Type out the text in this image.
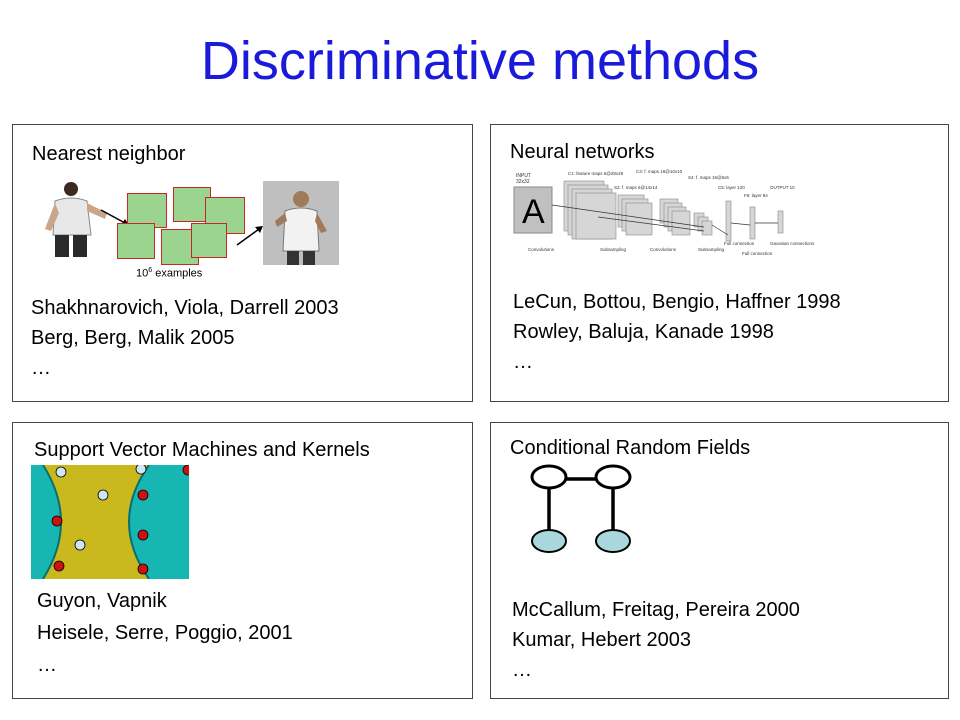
Discriminative methods
Nearest neighbor
$10^6$ examples
Shakhnarovich, Viola, Darrell 2003
Berg, Berg, Malik 2005
…
Neural networks
A
INPUT
32x32
C1: feature maps 6@28x28
S2: f. maps 6@14x14
C3: f. maps 16@10x10
S4: f. maps 16@5x5
C5: layer 120
F6: layer 84
OUTPUT 10
Convolutions	Subsampling	Convolutions	Subsampling
Full connection
Full connection
Gaussian connections
LeCun, Bottou, Bengio, Haffner 1998
Rowley, Baluja, Kanade 1998
…
Support Vector Machines and Kernels
Guyon, Vapnik
Heisele, Serre, Poggio, 2001
…
Conditional Random Fields
McCallum, Freitag, Pereira 2000
Kumar, Hebert 2003
…
